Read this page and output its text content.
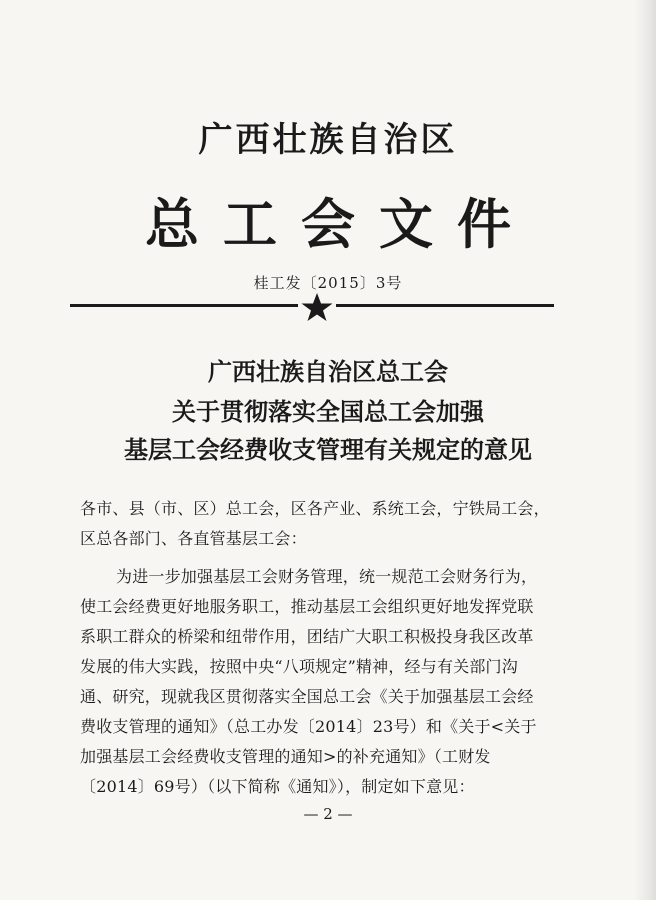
广西壮族自治区
总工会文件
桂工发〔2015〕3号
广西壮族自治区总工会
关于贯彻落实全国总工会加强
基层工会经费收支管理有关规定的意见
各市、县（市、区）总工会，区各产业、系统工会，宁铁局工会，
区总各部门、各直管基层工会：
为进一步加强基层工会财务管理，统一规范工会财务行为，
使工会经费更好地服务职工，推动基层工会组织更好地发挥党联
系职工群众的桥梁和纽带作用，团结广大职工积极投身我区改革
发展的伟大实践，按照中央“八项规定”精神，经与有关部门沟
通、研究，现就我区贯彻落实全国总工会《关于加强基层工会经
费收支管理的通知》（总工办发〔2014〕23号）和《关于<关于
加强基层工会经费收支管理的通知>的补充通知》（工财发
〔2014〕69号）（以下简称《通知》），制定如下意见：
— 2 —
